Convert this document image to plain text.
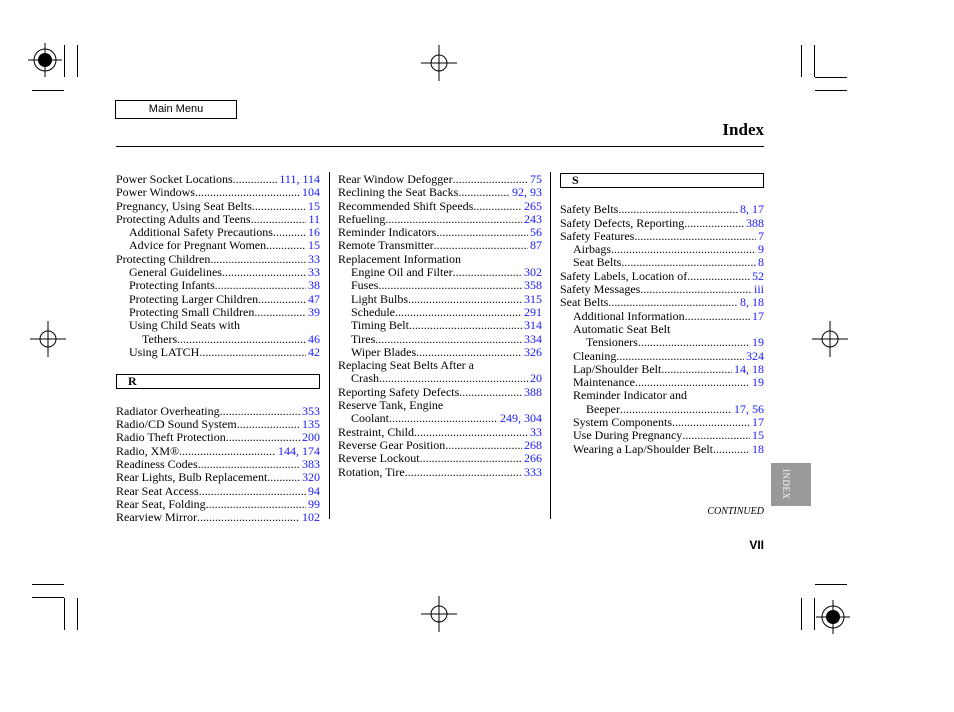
Main Menu
Index
Power Socket Locations .....	111, 114
Power Windows .....	104
Pregnancy, Using Seat Belts .....	15
Protecting Adults and Teens .....	11
Additional Safety Precautions .....	16
Advice for Pregnant Women .....	15
Protecting Children .....	33
General Guidelines .....	33
Protecting Infants .....	38
Protecting Larger Children .....	47
Protecting Small Children .....	39
Using Child Seats with
Tethers .....	46
Using LATCH .....	42
R
Radiator Overheating .....	353
Radio/CD Sound System .....	135
Radio Theft Protection .....	200
Radio, XM® .....	144, 174
Readiness Codes .....	383
Rear Lights, Bulb Replacement .....	320
Rear Seat Access .....	94
Rear Seat, Folding .....	99
Rearview Mirror .....	102
Rear Window Defogger .....	75
Reclining the Seat Backs .....	92, 93
Recommended Shift Speeds .....	265
Refueling .....	243
Reminder Indicators .....	56
Remote Transmitter .....	87
Replacement Information
Engine Oil and Filter .....	302
Fuses .....	358
Light Bulbs .....	315
Schedule .....	291
Timing Belt .....	314
Tires .....	334
Wiper Blades .....	326
Replacing Seat Belts After a
Crash .....	20
Reporting Safety Defects .....	388
Reserve Tank, Engine
Coolant .....	249, 304
Restraint, Child .....	33
Reverse Gear Position .....	268
Reverse Lockout .....	266
Rotation, Tire .....	333
S
Safety Belts .....	8, 17
Safety Defects, Reporting .....	388
Safety Features .....	7
Airbags .....	9
Seat Belts .....	8
Safety Labels, Location of .....	52
Safety Messages .....	iii
Seat Belts .....	8, 18
Additional Information .....	17
Automatic Seat Belt
Tensioners .....	19
Cleaning .....	324
Lap/Shoulder Belt .....	14, 18
Maintenance .....	19
Reminder Indicator and
Beeper .....	17, 56
System Components .....	17
Use During Pregnancy .....	15
Wearing a Lap/Shoulder Belt .....	18
INDEX
CONTINUED
VII
